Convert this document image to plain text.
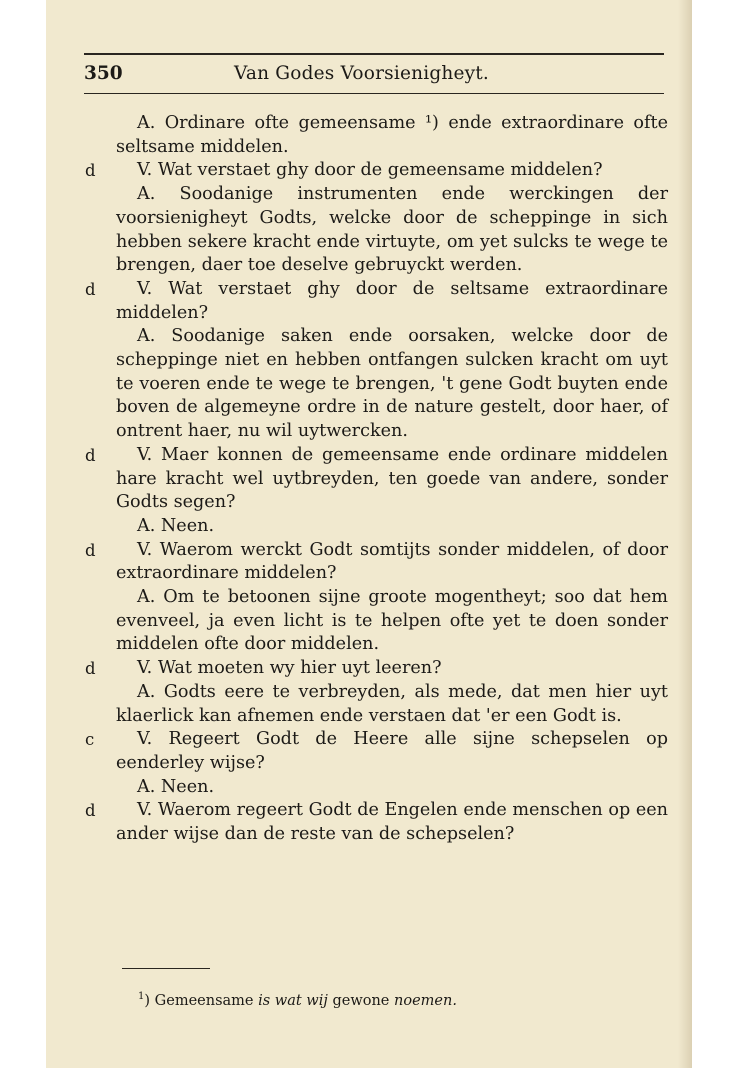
350	Van Godes Voorsienigheyt.

A. Ordinare ofte gemeensame ¹) ende extraordinare ofte seltsame middelen.

d V. Wat verstaet ghy door de gemeensame middelen?

A. Soodanige instrumenten ende werckingen der voorsienigheyt Godts, welcke door de scheppinge in sich hebben sekere kracht ende virtuyte, om yet sulcks te wege te brengen, daer toe deselve gebruyckt werden.

d V. Wat verstaet ghy door de seltsame extraordinare middelen?

A. Soodanige saken ende oorsaken, welcke door de scheppinge niet en hebben ontfangen sulcken kracht om uyt te voeren ende te wege te brengen, 't gene Godt buyten ende boven de algemeyne ordre in de nature gestelt, door haer, of ontrent haer, nu wil uytwercken.

d V. Maer konnen de gemeensame ende ordinare middelen hare kracht wel uytbreyden, ten goede van andere, sonder Godts segen?

A. Neen.

d V. Waerom werckt Godt somtijts sonder middelen, of door extraordinare middelen?

A. Om te betoonen sijne groote mogentheyt; soo dat hem evenveel, ja even licht is te helpen ofte yet te doen sonder middelen ofte door middelen.

d V. Wat moeten wy hier uyt leeren?

A. Godts eere te verbreyden, als mede, dat men hier uyt klaerlick kan afnemen ende verstaen dat 'er een Godt is.

c V. Regeert Godt de Heere alle sijne schepselen op eenderley wijse?

A. Neen.

d V. Waerom regeert Godt de Engelen ende menschen op een ander wijse dan de reste van de schepselen?

$^1$) Gemeensame is wat wij gewone noemen.
